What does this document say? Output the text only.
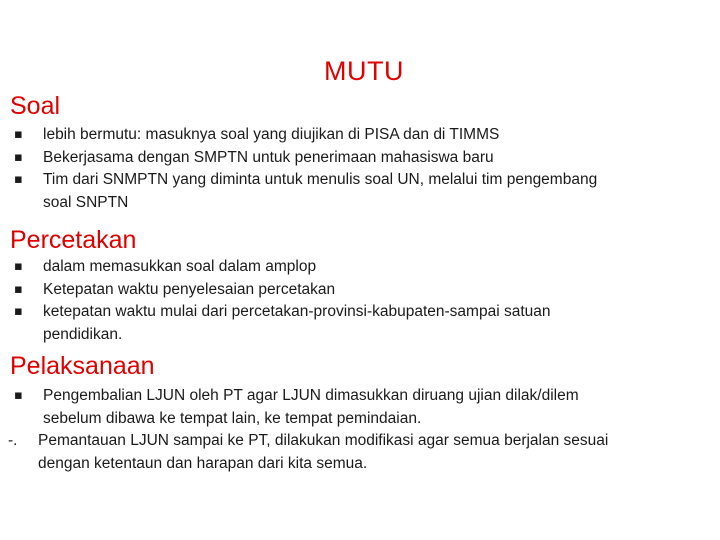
MUTU
Soal
▪	lebih bermutu: masuknya soal yang diujikan di PISA dan di TIMMS
▪	Bekerjasama dengan SMPTN untuk penerimaan mahasiswa baru
▪	Tim dari SNMPTN yang diminta untuk menulis soal UN, melalui tim pengembang
soal SNPTN
Percetakan
▪	dalam memasukkan soal dalam amplop
▪	Ketepatan waktu penyelesaian percetakan
▪	ketepatan waktu mulai dari percetakan-provinsi-kabupaten-sampai satuan
pendidikan.
Pelaksanaan
▪	Pengembalian LJUN oleh PT agar LJUN dimasukkan diruang ujian dilak/dilem
sebelum dibawa ke tempat lain, ke tempat pemindaian.
-. Pemantauan LJUN sampai ke PT, dilakukan modifikasi agar semua berjalan sesuai
dengan ketentaun dan harapan dari kita semua.
